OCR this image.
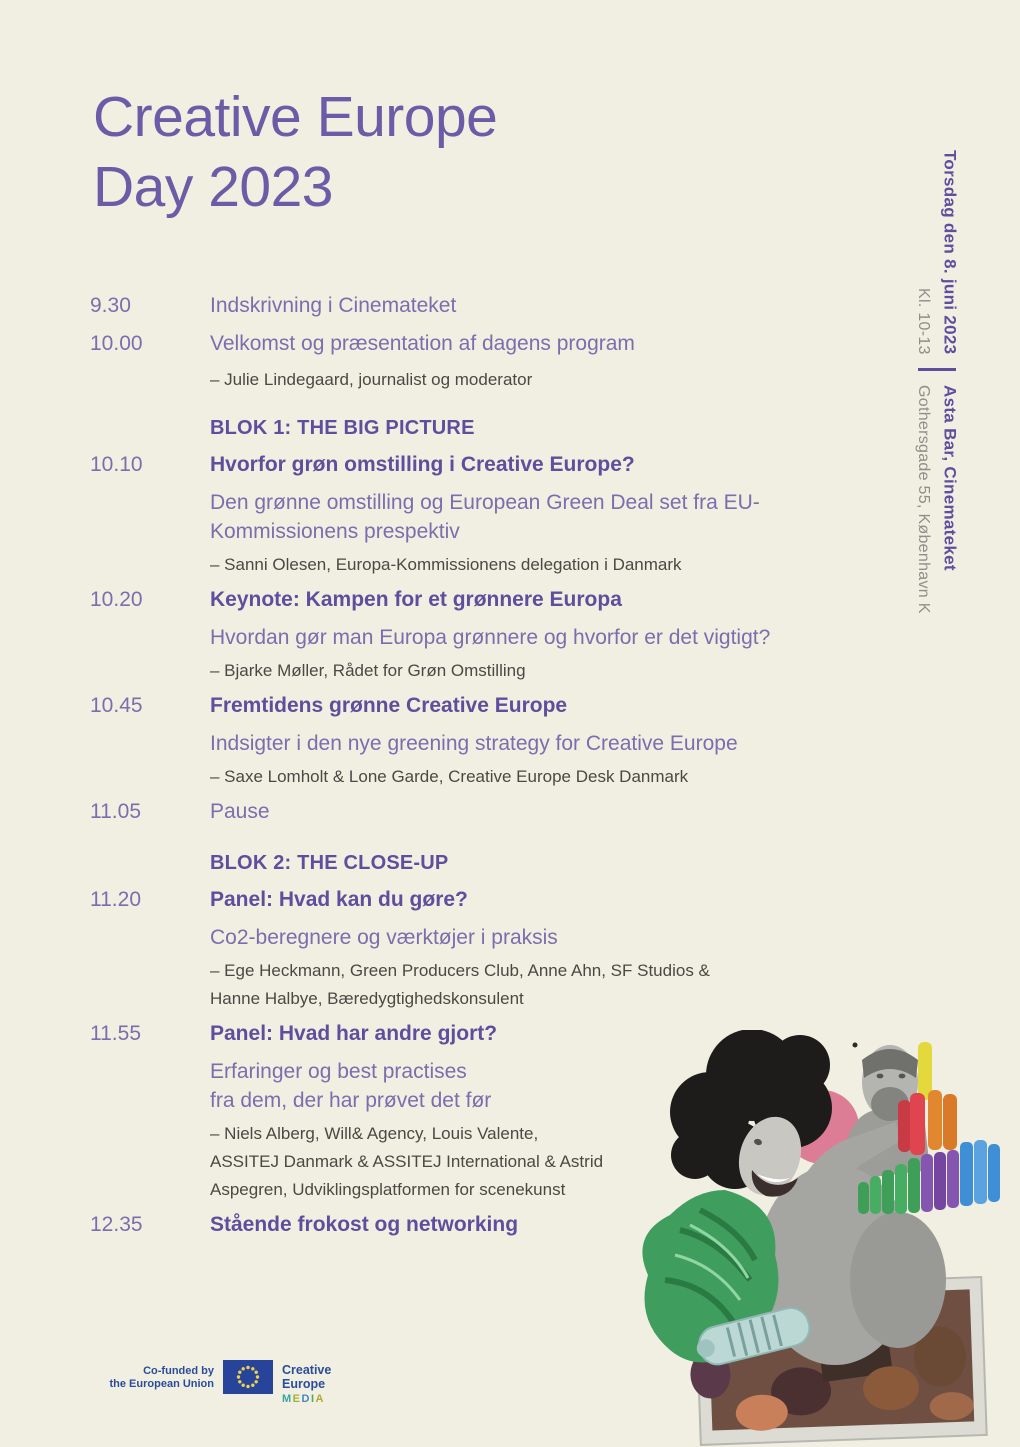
Creative Europe
Day 2023
9.30	Indskrivning i Cinemateket
10.00	Velkomst og præsentation af dagens program
– Julie Lindegaard, journalist og moderator
BLOK 1: THE BIG PICTURE
10.10	Hvorfor grøn omstilling i Creative Europe?
Den grønne omstilling og European Green Deal set fra EU-
Kommissionens prespektiv
– Sanni Olesen, Europa-Kommissionens delegation i Danmark
10.20	Keynote: Kampen for et grønnere Europa
Hvordan gør man Europa grønnere og hvorfor er det vigtigt?
– Bjarke Møller, Rådet for Grøn Omstilling
10.45	Fremtidens grønne Creative Europe
Indsigter i den nye greening strategy for Creative Europe
– Saxe Lomholt & Lone Garde, Creative Europe Desk Danmark
11.05	Pause
BLOK 2: THE CLOSE-UP
11.20	Panel: Hvad kan du gøre?
Co2-beregnere og værktøjer i praksis
– Ege Heckmann, Green Producers Club, Anne Ahn, SF Studios &
Hanne Halbye, Bæredygtighedskonsulent
11.55	Panel: Hvad har andre gjort?
Erfaringer og best practises
fra dem, der har prøvet det før
– Niels Alberg, Will& Agency, Louis Valente,
ASSITEJ Danmark & ASSITEJ International & Astrid
Aspegren, Udviklingsplatformen for scenekunst
12.35	Stående frokost og networking
Torsdag den 8. juni 2023
Kl. 10-13
Asta Bar, Cinemateket
Gothersgade 55, København K
Co-funded by
the European Union
Creative
Europe
MEDIA
